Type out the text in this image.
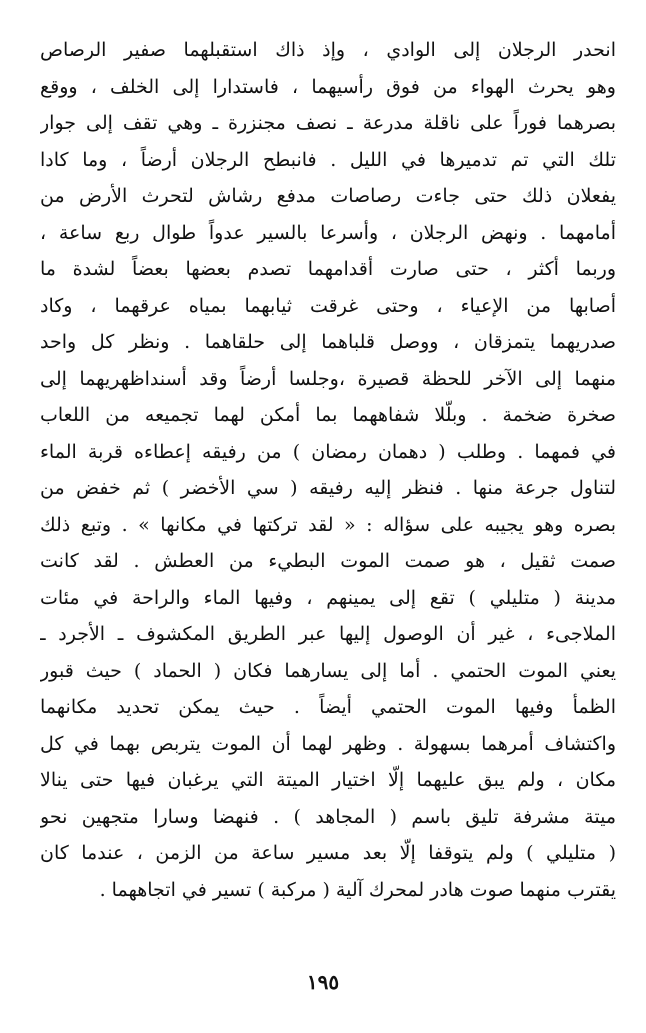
انحدر الرجلان إلى الوادي ، وإذ ذاك استقبلهما صفير الرصاص
وهو يحرث الهواء من فوق رأسيهما ، فاستدارا إلى الخلف ، ووقع
بصرهما فوراً على ناقلة مدرعة ـ نصف مجنزرة ـ وهي تقف إلى جوار
تلك التي تم تدميرها في الليل . فانبطح الرجلان أرضاً ، وما كادا
يفعلان ذلك حتى جاءت رصاصات مدفع رشاش لتحرث الأرض من
أمامهما . ونهض الرجلان ، وأسرعا بالسير عدواً طوال ربع ساعة ،
وربما أكثر ، حتى صارت أقدامهما تصدم بعضها بعضاً لشدة ما
أصابها من الإعياء ، وحتى غرقت ثيابهما بمياه عرقهما ، وكاد
صدريهما يتمزقان ، ووصل قلباهما إلى حلقاهما . ونظر كل واحد
منهما إلى الآخر للحظة قصيرة ،وجلسا أرضاً وقد أسنداظهريهما إلى
صخرة ضخمة . وبلّلا شفاههما بما أمكن لهما تجميعه من اللعاب
في فمهما . وطلب ( دهمان رمضان ) من رفيقه إعطاءه قربة الماء
لتناول جرعة منها . فنظر إليه رفيقه ( سي الأخضر ) ثم خفض من
بصره وهو يجيبه على سؤاله : « لقد تركتها في مكانها » . وتبع ذلك
صمت ثقيل ، هو صمت الموت البطيء من العطش . لقد كانت
مدينة ( متليلي ) تقع إلى يمينهم ، وفيها الماء والراحة في مئات
الملاجىء ، غير أن الوصول إليها عبر الطريق المكشوف ـ الأجرد ـ
يعني الموت الحتمي . أما إلى يسارهما فكان ( الحماد ) حيث قبور
الظمأ وفيها الموت الحتمي أيضاً . حيث يمكن تحديد مكانهما
واكتشاف أمرهما بسهولة . وظهر لهما أن الموت يتربص بهما في كل
مكان ، ولم يبق عليهما إلّا اختيار الميتة التي يرغبان فيها حتى ينالا
ميتة مشرفة تليق باسم ( المجاهد ) . فنهضا وسارا متجهين نحو
( متليلي ) ولم يتوقفا إلّا بعد مسير ساعة من الزمن ، عندما كان
يقترب منهما صوت هادر لمحرك آلية ( مركبة ) تسير في اتجاههما .
١٩٥
